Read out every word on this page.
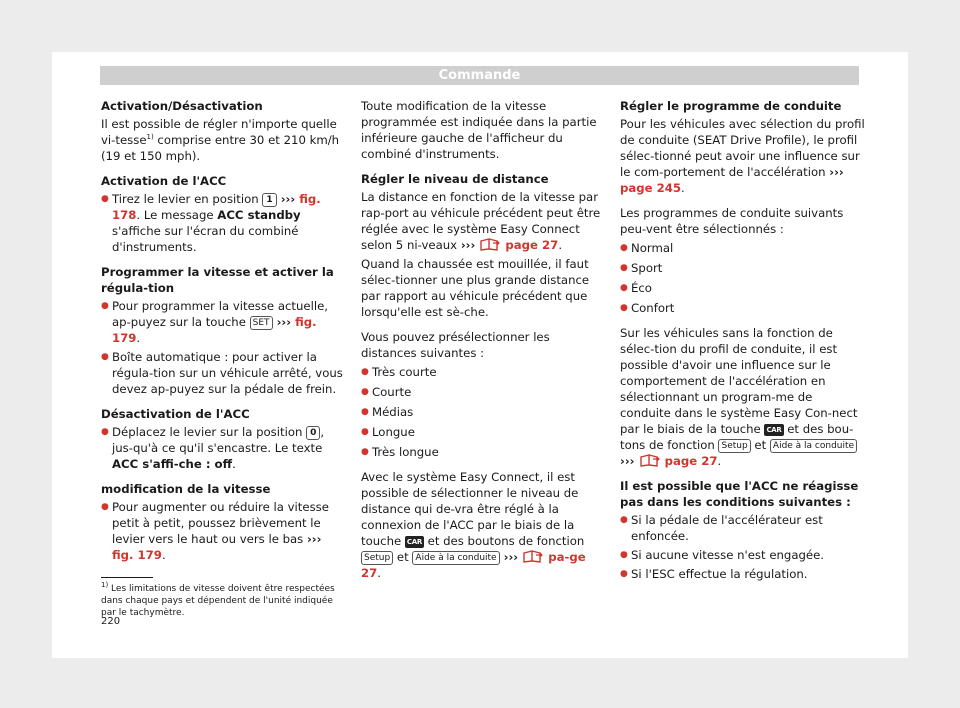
Commande

Activation/Désactivation

Il est possible de régler n'importe quelle vi-tesse$^{1)}$ comprise entre 30 et 210 km/h (19 et 150 mph).

Activation de l'ACC

● Tirez le levier en position 1 ››› fig. 178. Le message ACC standby s'affiche sur l'écran du combiné d'instruments.

Programmer la vitesse et activer la régula-tion

● Pour programmer la vitesse actuelle, ap-puyez sur la touche SET ››› fig. 179.
● Boîte automatique : pour activer la régula-tion sur un véhicule arrêté, vous devez ap-puyez sur la pédale de frein.

Désactivation de l'ACC

● Déplacez le levier sur la position 0 , jus-qu'à ce qu'il s'encastre. Le texte ACC s'affi-che : off.

modification de la vitesse

● Pour augmenter ou réduire la vitesse petit à petit, poussez brièvement le levier vers le haut ou vers le bas ››› fig. 179.

Toute modification de la vitesse programmée est indiquée dans la partie inférieure gauche de l'afficheur du combiné d'instruments.

Régler le niveau de distance

La distance en fonction de la vitesse par rap-port au véhicule précédent peut être réglée avec le système Easy Connect selon 5 ni-veaux ›››  page 27.

Quand la chaussée est mouillée, il faut sélec-tionner une plus grande distance par rapport au véhicule précédent que lorsqu'elle est sè-che.

Vous pouvez présélectionner les distances suivantes :

● Très courte
● Courte
● Médias
● Longue
● Très longue

Avec le système Easy Connect, il est possible de sélectionner le niveau de distance qui de-vra être réglé à la connexion de l'ACC par le biais de la touche CAR et des boutons de fonction Setup et Aide à la conduite ›››  pa-ge 27.

Régler le programme de conduite

Pour les véhicules avec sélection du profil de conduite (SEAT Drive Profile), le profil sélec-tionné peut avoir une influence sur le com-portement de l'accélération ››› page 245.

Les programmes de conduite suivants peu-vent être sélectionnés :

● Normal
● Sport
● Éco
● Confort

Sur les véhicules sans la fonction de sélec-tion du profil de conduite, il est possible d'avoir une influence sur le comportement de l'accélération en sélectionnant un program-me de conduite dans le système Easy Con-nect par le biais de la touche CAR et des bou-tons de fonction Setup et Aide à la conduite
›››  page 27.

Il est possible que l'ACC ne réagisse pas dans les conditions suivantes :

● Si la pédale de l'accélérateur est enfoncée.
● Si aucune vitesse n'est engagée.
● Si l'ESC effectue la régulation.
$^{1)}$ Les limitations de vitesse doivent être respectées dans chaque pays et dépendent de l'unité indiquée par le tachymètre.
220
